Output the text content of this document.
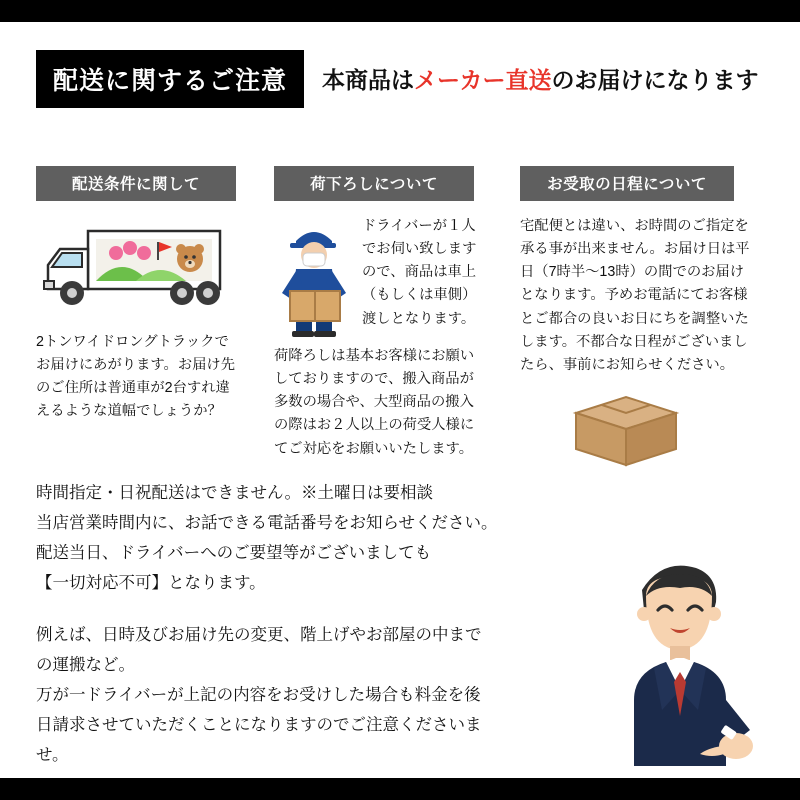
配送に関するご注意	本商品はメーカー直送のお届けになります
配送条件に関して
2トンワイドロングトラックでお届けにあがります。お届け先のご住所は普通車が2台すれ違えるような道幅でしょうか？
荷下ろしについて
ドライバーが１人でお伺い致しますので、商品は車上（もしくは車側）渡しとなります。
荷降ろしは基本お客様にお願いしておりますので、搬入商品が多数の場合や、大型商品の搬入の際はお２人以上の荷受人様にてご対応をお願いいたします。
お受取の日程について
宅配便とは違い、お時間のご指定を承る事が出来ません。お届け日は平日（7時半〜13時）の間でのお届けとなります。予めお電話にてお客様とご都合の良いお日にちを調整いたします。不都合な日程がございましたら、事前にお知らせください。

時間指定・日祝配送はできません。※土曜日は要相談

当店営業時間内に、お話できる電話番号をお知らせください。

配送当日、ドライバーへのご要望等がございましても

【一切対応不可】となります。

例えば、日時及びお届け先の変更、階上げやお部屋の中まで

の運搬など。

万が一ドライバーが上記の内容をお受けした場合も料金を後

日請求させていただくことになりますのでご注意くださいま

せ。
